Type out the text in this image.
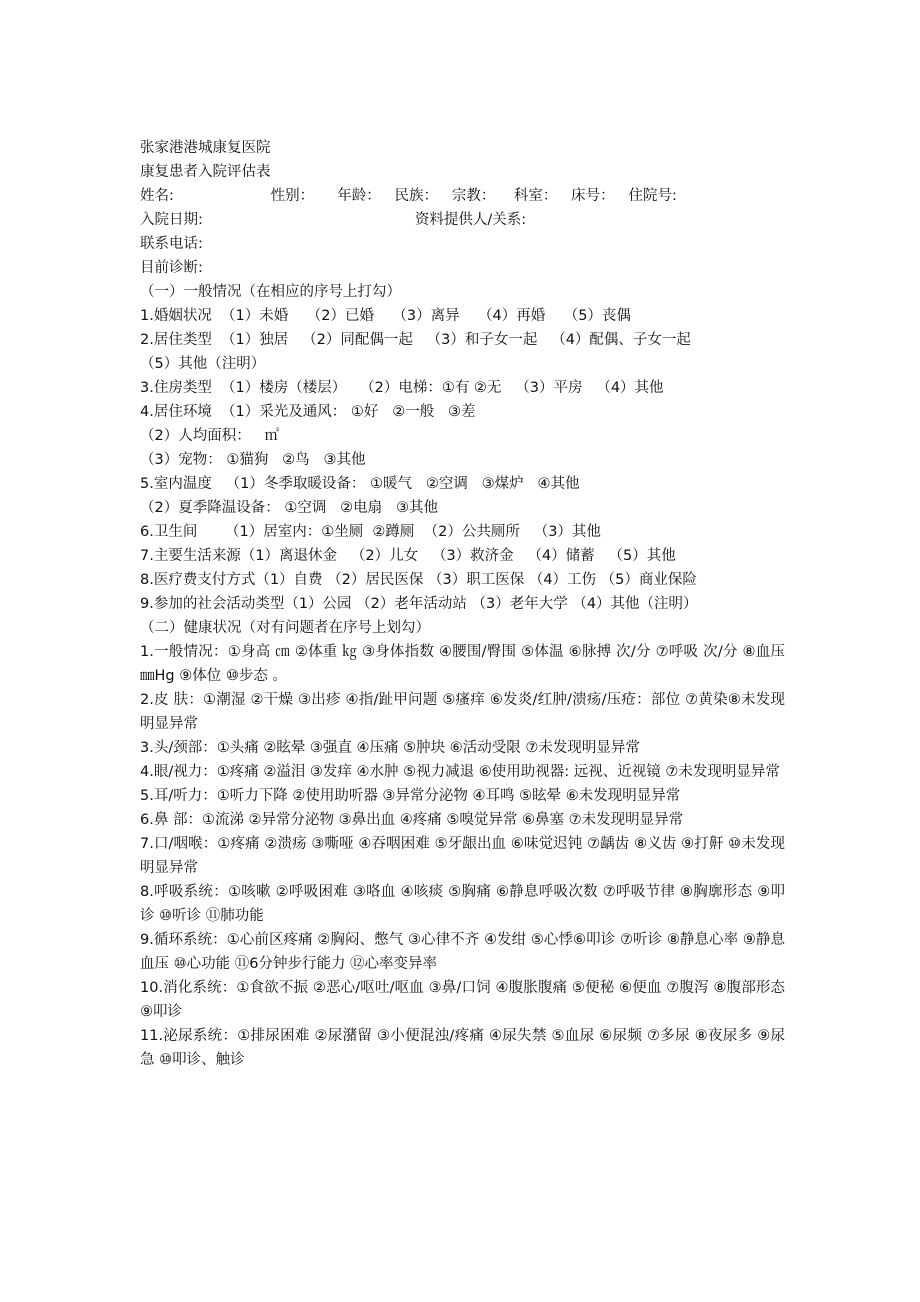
张家港港城康复医院
康复患者入院评估表
姓名:                     性别：     年龄：   民族：   宗教：    科室：   床号：   住院号:
入院日期:                                              资料提供人/关系:
联系电话:
目前诊断:
（一）一般情况（在相应的序号上打勾）
1.婚姻状况  （1）未婚    （2）已婚    （3）离异    （4）再婚    （5）丧偶
2.居住类型  （1）独居   （2）同配偶一起   （3）和子女一起   （4）配偶、子女一起
（5）其他（注明）
3.住房类型  （1）楼房（楼层）   （2）电梯：①有 ②无   （3）平房   （4）其他
4.居住环境  （1）采光及通风： ①好   ②一般   ③差
（2）人均面积：   ㎡
（3）宠物： ①猫狗   ②鸟   ③其他
5.室内温度   （1）冬季取暖设备： ①暖气   ②空调   ③煤炉   ④其他
（2）夏季降温设备： ①空调   ②电扇   ③其他
6.卫生间      （1）居室内：①坐厕  ②蹲厕  （2）公共厕所   （3）其他
7.主要生活来源（1）离退休金   （2）儿女   （3）救济金   （4）储蓄   （5）其他
8.医疗费支付方式（1）自费 （2）居民医保 （3）职工医保 （4）工伤 （5）商业保险
9.参加的社会活动类型（1）公园 （2）老年活动站 （3）老年大学 （4）其他（注明）
（二）健康状况（对有问题者在序号上划勾）
1.一般情况：①身高 ㎝ ②体重 ㎏ ③身体指数 ④腰围/臀围 ⑤体温 ⑥脉搏 次/分 ⑦呼吸 次/分 ⑧血压 ㎜Hg ⑨体位 ⑩步态 。
2.皮 肤：①潮湿 ②干燥 ③出疹 ④指/趾甲问题 ⑤瘙痒 ⑥发炎/红肿/溃疡/压疮：部位 ⑦黄染⑧未发现明显异常
3.头/颈部：①头痛 ②眩晕 ③强直 ④压痛 ⑤肿块 ⑥活动受限 ⑦未发现明显异常
4.眼/视力：①疼痛 ②溢泪 ③发痒 ④水肿 ⑤视力减退 ⑥使用助视器: 远视、近视镜 ⑦未发现明显异常
5.耳/听力：①听力下降 ②使用助听器 ③异常分泌物 ④耳鸣 ⑤眩晕 ⑥未发现明显异常
6.鼻 部：①流涕 ②异常分泌物 ③鼻出血 ④疼痛 ⑤嗅觉异常 ⑥鼻塞 ⑦未发现明显异常
7.口/咽喉：①疼痛 ②溃疡 ③嘶哑 ④吞咽困难 ⑤牙龈出血 ⑥味觉迟钝 ⑦龋齿 ⑧义齿 ⑨打鼾 ⑩未发现明显异常
8.呼吸系统：①咳嗽 ②呼吸困难 ③咯血 ④咳痰 ⑤胸痛 ⑥静息呼吸次数 ⑦呼吸节律 ⑧胸廓形态 ⑨叩诊 ⑩听诊 ⑪肺功能
9.循环系统：①心前区疼痛 ②胸闷、憋气 ③心律不齐 ④发绀 ⑤心悸⑥叩诊 ⑦听诊 ⑧静息心率 ⑨静息血压 ⑩心功能 ⑪6分钟步行能力 ⑫心率变异率
10.消化系统：①食欲不振 ②恶心/呕吐/呕血 ③鼻/口饲 ④腹胀腹痛 ⑤便秘 ⑥便血 ⑦腹泻 ⑧腹部形态 ⑨叩诊
11.泌尿系统：①排尿困难 ②尿潴留 ③小便混浊/疼痛 ④尿失禁 ⑤血尿 ⑥尿频 ⑦多尿 ⑧夜尿多 ⑨尿急 ⑩叩诊、触诊
